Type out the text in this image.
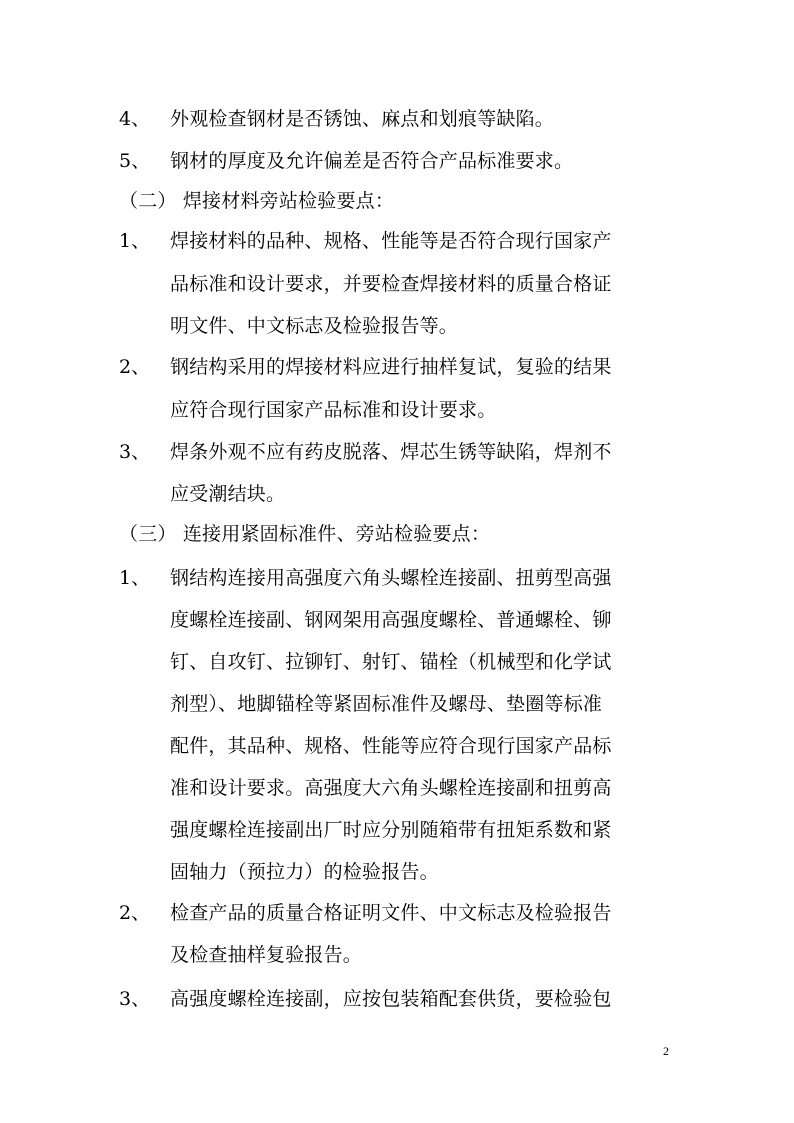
4、 外观检查钢材是否锈蚀、麻点和划痕等缺陷。
5、 钢材的厚度及允许偏差是否符合产品标准要求。
（二） 焊接材料旁站检验要点：
1、 焊接材料的品种、规格、性能等是否符合现行国家产
品标准和设计要求，并要检查焊接材料的质量合格证
明文件、中文标志及检验报告等。
2、 钢结构采用的焊接材料应进行抽样复试，复验的结果
应符合现行国家产品标准和设计要求。
3、 焊条外观不应有药皮脱落、焊芯生锈等缺陷，焊剂不
应受潮结块。
（三） 连接用紧固标准件、旁站检验要点：
1、 钢结构连接用高强度六角头螺栓连接副、扭剪型高强
度螺栓连接副、钢网架用高强度螺栓、普通螺栓、铆
钉、自攻钉、拉铆钉、射钉、锚栓（机械型和化学试
剂型）、地脚锚栓等紧固标准件及螺母、垫圈等标准
配件，其品种、规格、性能等应符合现行国家产品标
准和设计要求。高强度大六角头螺栓连接副和扭剪高
强度螺栓连接副出厂时应分别随箱带有扭矩系数和紧
固轴力（预拉力）的检验报告。
2、 检查产品的质量合格证明文件、中文标志及检验报告
及检查抽样复验报告。
3、 高强度螺栓连接副，应按包装箱配套供货，要检验包
2
